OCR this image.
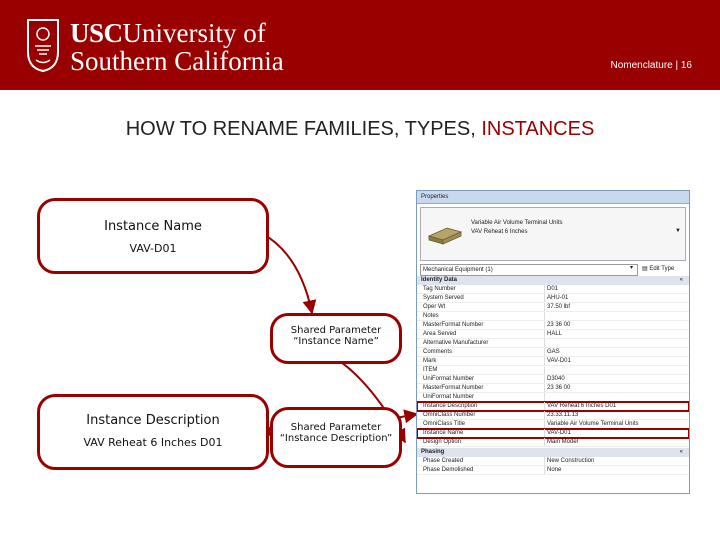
USCUniversity of
Southern California	Nomenclature | 16
HOW TO RENAME FAMILIES, TYPES, INSTANCES
Instance Name
VAV-D01
Instance Description
VAV Reheat 6 Inches D01
Shared Parameter
“Instance Name”
Shared Parameter
“Instance Description”
Properties
Variable Air Volume Terminal Units
VAV Reheat 6 Inches	▼
Mechanical Equipment (1)	▾ ▤ Edit Type
Identity Data	«
Tag Number	D01
System Served	AHU-01
Oper Wt	37.50 lbf
Notes
MasterFormat Number	23 36 00
Area Served	HALL
Alternative Manufacturer
Comments	GAS
Mark	VAV-D01
ITEM
UniFormat Number	D3040
MasterFormat Number	23 36 00
UniFormat Number
Instance Description	VAV Reheat 6 Inches D01
OmniClass Number	23.33.11.13
OmniClass Title	Variable Air Volume Terminal Units
Instance Name	VAV-D01
Design Option	Main Model
Phasing	«
Phase Created	New Construction
Phase Demolished	None
